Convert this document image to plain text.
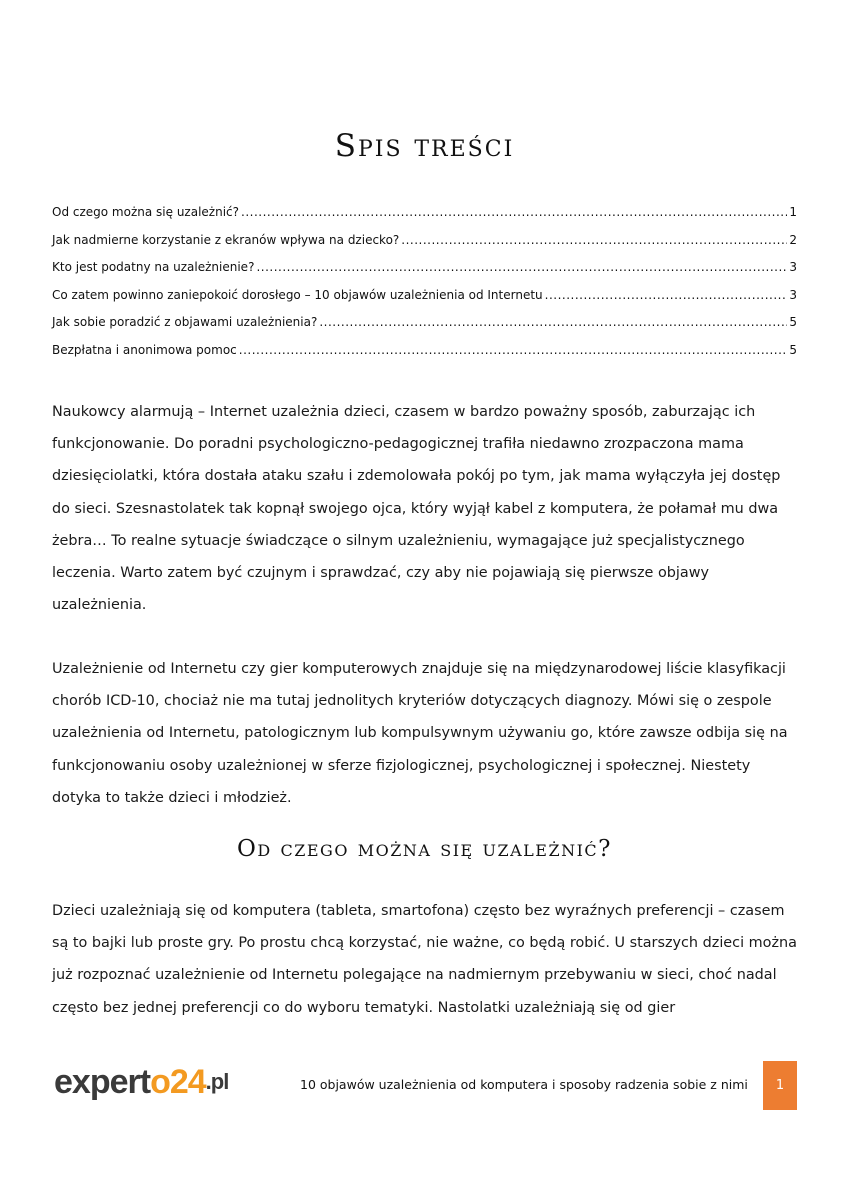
Spis treści
Od czego można się uzależnić? .....	1
Jak nadmierne korzystanie z ekranów wpływa na dziecko? .....	2
Kto jest podatny na uzależnienie? .....	3
Co zatem powinno zaniepokoić dorosłego – 10 objawów uzależnienia od Internetu .....	3
Jak sobie poradzić z objawami uzależnienia? .....	5
Bezpłatna i anonimowa pomoc .....	5

Naukowcy alarmują – Internet uzależnia dzieci, czasem w bardzo poważny sposób, zaburzając ich funkcjonowanie. Do poradni psychologiczno-pedagogicznej trafiła niedawno zrozpaczona mama dziesięciolatki, która dostała ataku szału i zdemolowała pokój po tym, jak mama wyłączyła jej dostęp do sieci. Szesnastolatek tak kopnął swojego ojca, który wyjął kabel z komputera, że połamał mu dwa żebra… To realne sytuacje świadczące o silnym uzależnieniu, wymagające już specjalistycznego leczenia. Warto zatem być czujnym i sprawdzać, czy aby nie pojawiają się pierwsze objawy uzależnienia.

Uzależnienie od Internetu czy gier komputerowych znajduje się na międzynarodowej liście klasyfikacji chorób ICD-10, chociaż nie ma tutaj jednolitych kryteriów dotyczących diagnozy. Mówi się o zespole uzależnienia od Internetu, patologicznym lub kompulsywnym używaniu go, które zawsze odbija się na funkcjonowaniu osoby uzależnionej w sferze fizjologicznej, psychologicznej i społecznej. Niestety dotyka to także dzieci i młodzież.

Od czego można się uzależnić?

Dzieci uzależniają się od komputera (tableta, smartofona) często bez wyraźnych preferencji – czasem są to bajki lub proste gry. Po prostu chcą korzystać, nie ważne, co będą robić. U starszych dzieci można już rozpoznać uzależnienie od Internetu polegające na nadmiernym przebywaniu w sieci, choć nadal często bez jednej preferencji co do wyboru tematyki. Nastolatki uzależniają się od gier

expert o24 .pl	10 objawów uzależnienia od komputera i sposoby radzenia sobie z nimi	1
